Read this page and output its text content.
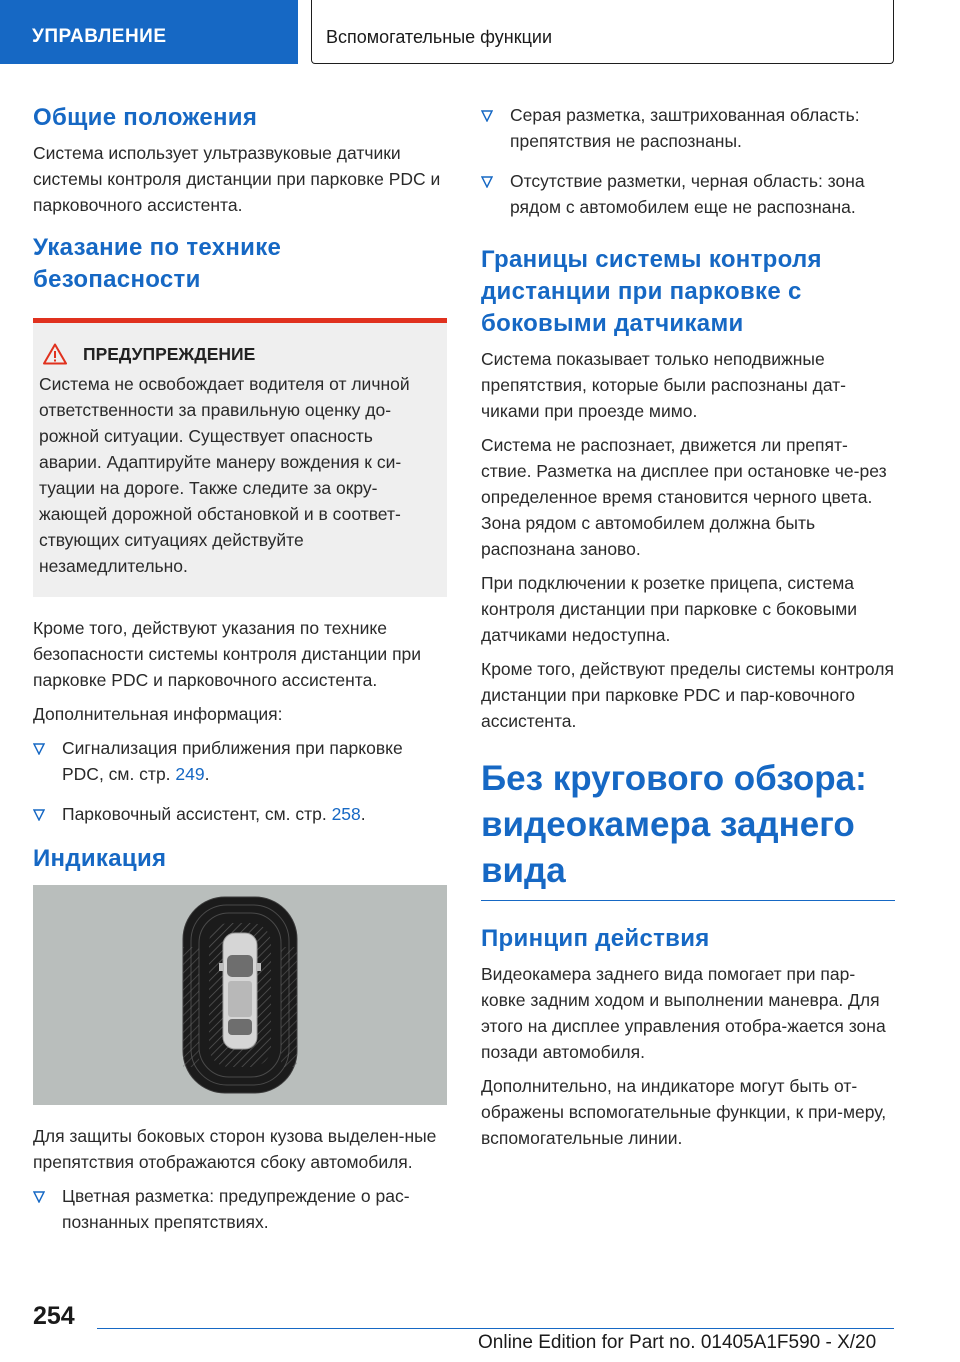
УПРАВЛЕНИЕ	Вспомогательные функции
Общие положения

Система использует ультразвуковые датчики системы контроля дистанции при парковке PDC и парковочного ассистента.

Указание по технике безопасности
ПРЕДУПРЕЖДЕНИЕ

Система не освобождает водителя от личной ответственности за правильную оценку до-рожной ситуации. Существует опасность аварии. Адаптируйте манеру вождения к си-туации на дороге. Также следите за окру-жающей дорожной обстановкой и в соответ-ствующих ситуациях действуйте незамедлительно.

Кроме того, действуют указания по технике безопасности системы контроля дистанции при парковке PDC и парковочного ассистента.

Дополнительная информация:

Сигнализация приближения при парковке PDC, см. стр. 249.
Парковочный ассистент, см. стр. 258.
Индикация

Для защиты боковых сторон кузова выделен-ные препятствия отображаются сбоку автомобиля.

Цветная разметка: предупреждение о рас-познанных препятствиях.
Серая разметка, заштрихованная область: препятствия не распознаны.
Отсутствие разметки, черная область: зона рядом с автомобилем еще не распознана.
Границы системы контроля дистанции при парковке с боковыми датчиками

Система показывает только неподвижные препятствия, которые были распознаны дат-чиками при проезде мимо.

Система не распознает, движется ли препят-ствие. Разметка на дисплее при остановке че-рез определенное время становится черного цвета. Зона рядом с автомобилем должна быть распознана заново.

При подключении к розетке прицепа, система контроля дистанции при парковке с боковыми датчиками недоступна.

Кроме того, действуют пределы системы контроля дистанции при парковке PDC и пар-ковочного ассистента.

Без кругового обзора: видеокамера заднего вида
Принцип действия

Видеокамера заднего вида помогает при пар-ковке задним ходом и выполнении маневра. Для этого на дисплее управления отобра-жается зона позади автомобиля.

Дополнительно, на индикаторе могут быть от-ображены вспомогательные функции, к при-меру, вспомогательные линии.

254
Online Edition for Part no. 01405A1F590 - X/20
